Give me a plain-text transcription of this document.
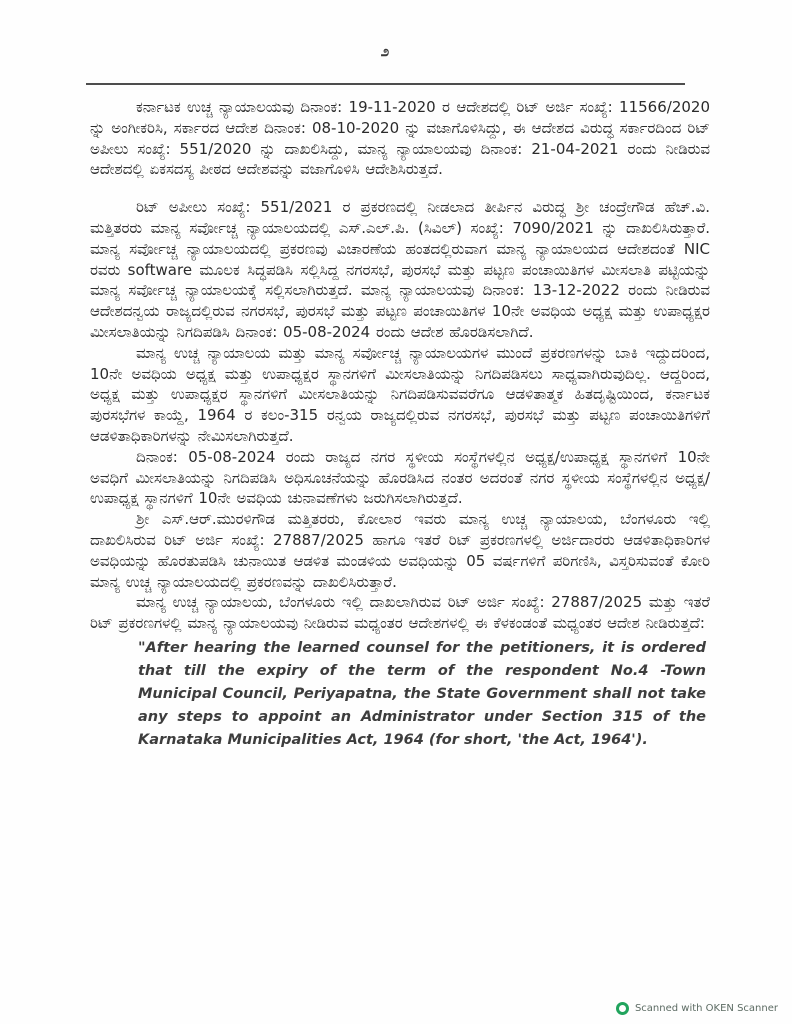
೨

ಕರ್ನಾಟಕ ಉಚ್ಚ ನ್ಯಾಯಾಲಯವು ದಿನಾಂಕ: 19-11-2020 ರ ಆದೇಶದಲ್ಲಿ ರಿಟ್ ಅರ್ಜಿ ಸಂಖ್ಯೆ: 11566/2020 ನ್ನು ಅಂಗೀಕರಿಸಿ, ಸರ್ಕಾರದ ಆದೇಶ ದಿನಾಂಕ: 08-10-2020 ನ್ನು ವಜಾಗೊಳಿಸಿದ್ದು, ಈ ಆದೇಶದ ವಿರುದ್ಧ ಸರ್ಕಾರದಿಂದ ರಿಟ್ ಅಪೀಲು ಸಂಖ್ಯೆ: 551/2020 ನ್ನು ದಾಖಲಿಸಿದ್ದು, ಮಾನ್ಯ ನ್ಯಾಯಾಲಯವು ದಿನಾಂಕ: 21-04-2021 ರಂದು ನೀಡಿರುವ ಆದೇಶದಲ್ಲಿ ಏಕಸದಸ್ಯ ಪೀಠದ ಆದೇಶವನ್ನು ವಜಾಗೊಳಿಸಿ ಆದೇಶಿಸಿರುತ್ತದೆ.

ರಿಟ್ ಅಪೀಲು ಸಂಖ್ಯೆ: 551/2021 ರ ಪ್ರಕರಣದಲ್ಲಿ ನೀಡಲಾದ ತೀರ್ಪಿನ ವಿರುದ್ಧ ಶ್ರೀ ಚಂದ್ರೇಗೌಡ ಹೆಚ್.ವಿ. ಮತ್ತಿತರರು ಮಾನ್ಯ ಸರ್ವೋಚ್ಚ ನ್ಯಾಯಾಲಯದಲ್ಲಿ ಎಸ್.ಎಲ್.ಪಿ. (ಸಿವಿಲ್) ಸಂಖ್ಯೆ: 7090/2021 ನ್ನು ದಾಖಲಿಸಿರುತ್ತಾರೆ. ಮಾನ್ಯ ಸರ್ವೋಚ್ಚ ನ್ಯಾಯಾಲಯದಲ್ಲಿ ಪ್ರಕರಣವು ವಿಚಾರಣೆಯ ಹಂತದಲ್ಲಿರುವಾಗ ಮಾನ್ಯ ನ್ಯಾಯಾಲಯದ ಆದೇಶದಂತೆ NIC ರವರು software ಮೂಲಕ ಸಿದ್ಧಪಡಿಸಿ ಸಲ್ಲಿಸಿದ್ದ ನಗರಸಭೆ, ಪುರಸಭೆ ಮತ್ತು ಪಟ್ಟಣ ಪಂಚಾಯಿತಿಗಳ ಮೀಸಲಾತಿ ಪಟ್ಟಿಯನ್ನು ಮಾನ್ಯ ಸರ್ವೋಚ್ಚ ನ್ಯಾಯಾಲಯಕ್ಕೆ ಸಲ್ಲಿಸಲಾಗಿರುತ್ತದೆ. ಮಾನ್ಯ ನ್ಯಾಯಾಲಯವು ದಿನಾಂಕ: 13-12-2022 ರಂದು ನೀಡಿರುವ ಆದೇಶದನ್ವಯ ರಾಜ್ಯದಲ್ಲಿರುವ ನಗರಸಭೆ, ಪುರಸಭೆ ಮತ್ತು ಪಟ್ಟಣ ಪಂಚಾಯಿತಿಗಳ 10ನೇ ಅವಧಿಯ ಅಧ್ಯಕ್ಷ ಮತ್ತು ಉಪಾಧ್ಯಕ್ಷರ ಮೀಸಲಾತಿಯನ್ನು ನಿಗದಿಪಡಿಸಿ ದಿನಾಂಕ: 05-08-2024 ರಂದು ಆದೇಶ ಹೊರಡಿಸಲಾಗಿದೆ.

ಮಾನ್ಯ ಉಚ್ಚ ನ್ಯಾಯಾಲಯ ಮತ್ತು ಮಾನ್ಯ ಸರ್ವೋಚ್ಚ ನ್ಯಾಯಾಲಯಗಳ ಮುಂದೆ ಪ್ರಕರಣಗಳನ್ನು ಬಾಕಿ ಇದ್ದುದರಿಂದ, 10ನೇ ಅವಧಿಯ ಅಧ್ಯಕ್ಷ ಮತ್ತು ಉಪಾಧ್ಯಕ್ಷರ ಸ್ಥಾನಗಳಿಗೆ ಮೀಸಲಾತಿಯನ್ನು ನಿಗದಿಪಡಿಸಲು ಸಾಧ್ಯವಾಗಿರುವುದಿಲ್ಲ. ಆದ್ದರಿಂದ, ಅಧ್ಯಕ್ಷ ಮತ್ತು ಉಪಾಧ್ಯಕ್ಷರ ಸ್ಥಾನಗಳಿಗೆ ಮೀಸಲಾತಿಯನ್ನು ನಿಗದಿಪಡಿಸುವವರೆಗೂ ಆಡಳಿತಾತ್ಮಕ ಹಿತದೃಷ್ಟಿಯಿಂದ, ಕರ್ನಾಟಕ ಪುರಸಭೆಗಳ ಕಾಯ್ದೆ, 1964 ರ ಕಲಂ-315 ರನ್ವಯ ರಾಜ್ಯದಲ್ಲಿರುವ ನಗರಸಭೆ, ಪುರಸಭೆ ಮತ್ತು ಪಟ್ಟಣ ಪಂಚಾಯಿತಿಗಳಿಗೆ ಆಡಳಿತಾಧಿಕಾರಿಗಳನ್ನು ನೇಮಿಸಲಾಗಿರುತ್ತದೆ.

ದಿನಾಂಕ: 05-08-2024 ರಂದು ರಾಜ್ಯದ ನಗರ ಸ್ಥಳೀಯ ಸಂಸ್ಥೆಗಳಲ್ಲಿನ ಅಧ್ಯಕ್ಷ/ಉಪಾಧ್ಯಕ್ಷ ಸ್ಥಾನಗಳಿಗೆ 10ನೇ ಅವಧಿಗೆ ಮೀಸಲಾತಿಯನ್ನು ನಿಗದಿಪಡಿಸಿ ಅಧಿಸೂಚನೆಯನ್ನು ಹೊರಡಿಸಿದ ನಂತರ ಅದರಂತೆ ನಗರ ಸ್ಥಳೀಯ ಸಂಸ್ಥೆಗಳಲ್ಲಿನ ಅಧ್ಯಕ್ಷ/ಉಪಾಧ್ಯಕ್ಷ ಸ್ಥಾನಗಳಿಗೆ 10ನೇ ಅವಧಿಯ ಚುನಾವಣೆಗಳು ಜರುಗಿಸಲಾಗಿರುತ್ತದೆ.

ಶ್ರೀ ಎಸ್.ಆರ್.ಮುರಳಿಗೌಡ ಮತ್ತಿತರರು, ಕೋಲಾರ ಇವರು ಮಾನ್ಯ ಉಚ್ಚ ನ್ಯಾಯಾಲಯ, ಬೆಂಗಳೂರು ಇಲ್ಲಿ ದಾಖಲಿಸಿರುವ ರಿಟ್ ಅರ್ಜಿ ಸಂಖ್ಯೆ: 27887/2025 ಹಾಗೂ ಇತರೆ ರಿಟ್ ಪ್ರಕರಣಗಳಲ್ಲಿ ಅರ್ಜಿದಾರರು ಆಡಳಿತಾಧಿಕಾರಿಗಳ ಅವಧಿಯನ್ನು ಹೊರತುಪಡಿಸಿ ಚುನಾಯಿತ ಆಡಳಿತ ಮಂಡಳಿಯ ಅವಧಿಯನ್ನು 05 ವರ್ಷಗಳಿಗೆ ಪರಿಗಣಿಸಿ, ವಿಸ್ತರಿಸುವಂತೆ ಕೋರಿ ಮಾನ್ಯ ಉಚ್ಚ ನ್ಯಾಯಾಲಯದಲ್ಲಿ ಪ್ರಕರಣವನ್ನು ದಾಖಲಿಸಿರುತ್ತಾರೆ.

ಮಾನ್ಯ ಉಚ್ಚ ನ್ಯಾಯಾಲಯ, ಬೆಂಗಳೂರು ಇಲ್ಲಿ ದಾಖಲಾಗಿರುವ ರಿಟ್ ಅರ್ಜಿ ಸಂಖ್ಯೆ: 27887/2025 ಮತ್ತು ಇತರೆ ರಿಟ್ ಪ್ರಕರಣಗಳಲ್ಲಿ ಮಾನ್ಯ ನ್ಯಾಯಾಲಯವು ನೀಡಿರುವ ಮಧ್ಯಂತರ ಆದೇಶಗಳಲ್ಲಿ ಈ ಕೆಳಕಂಡಂತೆ ಮಧ್ಯಂತರ ಆದೇಶ ನೀಡಿರುತ್ತದೆ:

"After hearing the learned counsel for the petitioners, it is ordered that till the expiry of the term of the respondent No.4 -Town Municipal Council, Periyapatna, the State Government shall not take any steps to appoint an Administrator under Section 315 of the Karnataka Municipalities Act, 1964 (for short, 'the Act, 1964').

Scanned with OKEN Scanner
